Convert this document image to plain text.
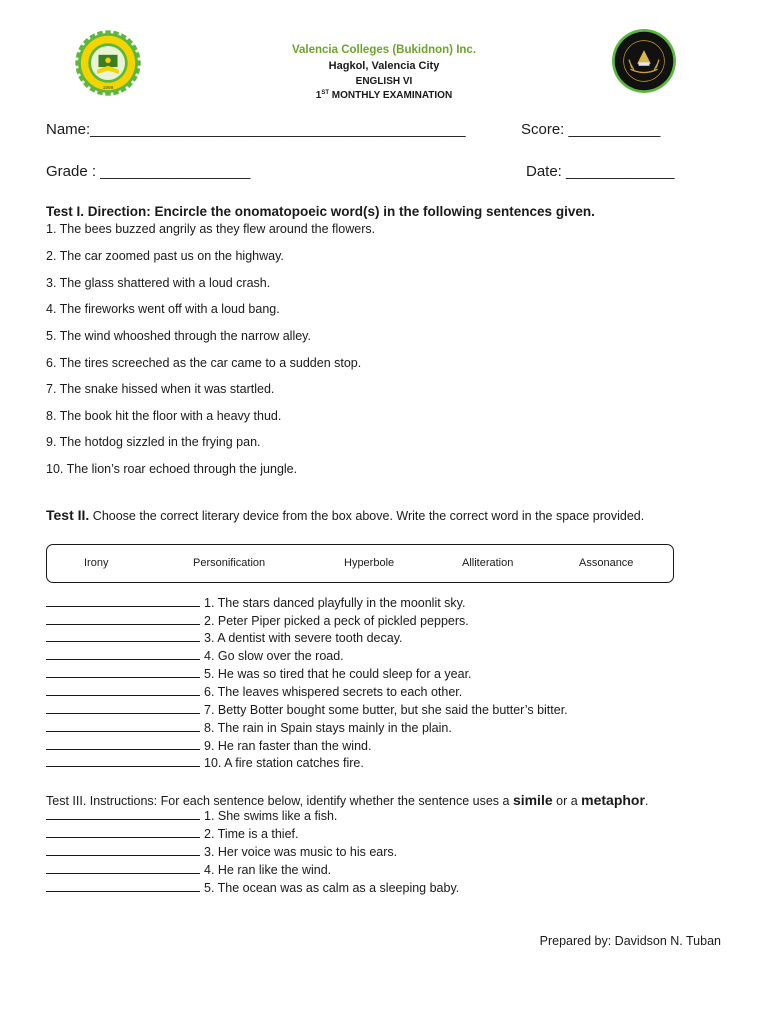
1999
Valencia Colleges (Bukidnon) Inc.
Hagkol, Valencia City
ENGLISH VI
1ST MONTHLY EXAMINATION
Name:_____________________________________________	Score: ___________
Grade : __________________	Date: _____________
Test I. Direction: Encircle the onomatopoeic word(s) in the following sentences given.
1. The bees buzzed angrily as they flew around the flowers.
2. The car zoomed past us on the highway.
3. The glass shattered with a loud crash.
4. The fireworks went off with a loud bang.
5. The wind whooshed through the narrow alley.
6. The tires screeched as the car came to a sudden stop.
7. The snake hissed when it was startled.
8. The book hit the floor with a heavy thud.
9. The hotdog sizzled in the frying pan.
10. The lion’s roar echoed through the jungle.
Test II. Choose the correct literary device from the box above. Write the correct word in the space provided.
Irony	Personification	Hyperbole	Alliteration	Assonance
1. The stars danced playfully in the moonlit sky.
2. Peter Piper picked a peck of pickled peppers.
3. A dentist with severe tooth decay.
4. Go slow over the road.
5. He was so tired that he could sleep for a year.
6. The leaves whispered secrets to each other.
7. Betty Botter bought some butter, but she said the butter’s bitter.
8. The rain in Spain stays mainly in the plain.
9. He ran faster than the wind.
10. A fire station catches fire.
Test III. Instructions: For each sentence below, identify whether the sentence uses a simile or a metaphor.
1. She swims like a fish.
2. Time is a thief.
3. Her voice was music to his ears.
4. He ran like the wind.
5. The ocean was as calm as a sleeping baby.
Prepared by: Davidson N. Tuban
